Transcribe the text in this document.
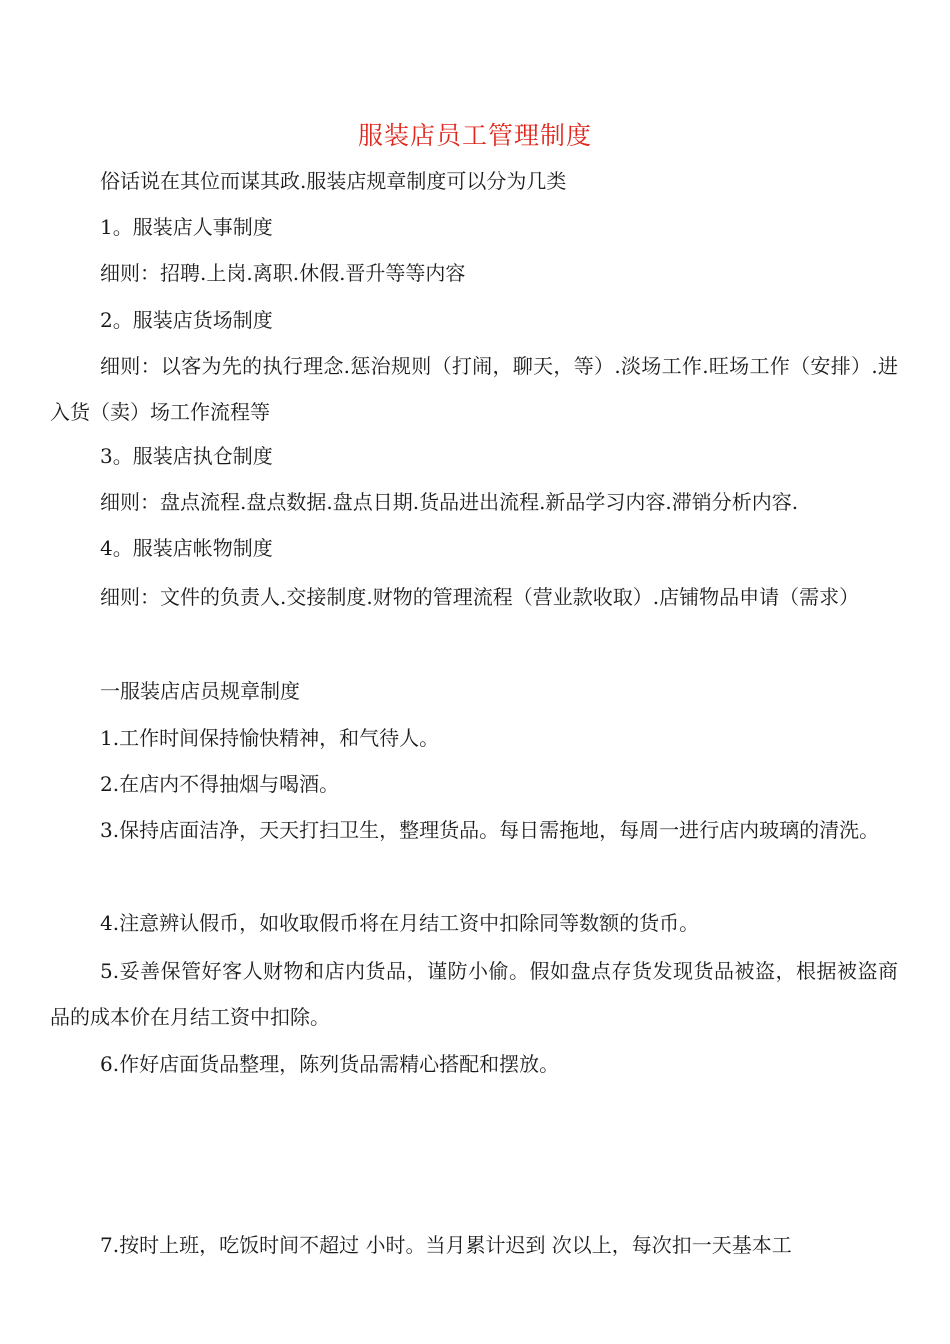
服装店员工管理制度
俗话说在其位而谋其政.服装店规章制度可以分为几类
1。服装店人事制度
细则：招聘.上岗.离职.休假.晋升等等内容
2。服装店货场制度
细则：以客为先的执行理念.惩治规则（打闹，聊天，等）.淡场工作.旺场工作（安排）.进入货（卖）场工作流程等
3。服装店执仓制度
细则：盘点流程.盘点数据.盘点日期.货品进出流程.新品学习内容.滞销分析内容.
4。服装店帐物制度
细则：文件的负责人.交接制度.财物的管理流程（营业款收取）.店铺物品申请（需求）
一服装店店员规章制度
1.工作时间保持愉快精神，和气待人。
2.在店内不得抽烟与喝酒。
3.保持店面洁净，天天打扫卫生，整理货品。每日需拖地，每周一进行店内玻璃的清洗。
4.注意辨认假币，如收取假币将在月结工资中扣除同等数额的货币。
5.妥善保管好客人财物和店内货品，谨防小偷。假如盘点存货发现货品被盗，根据被盗商品的成本价在月结工资中扣除。
6.作好店面货品整理，陈列货品需精心搭配和摆放。
7.按时上班，吃饭时间不超过 小时。当月累计迟到 次以上，每次扣一天基本工
